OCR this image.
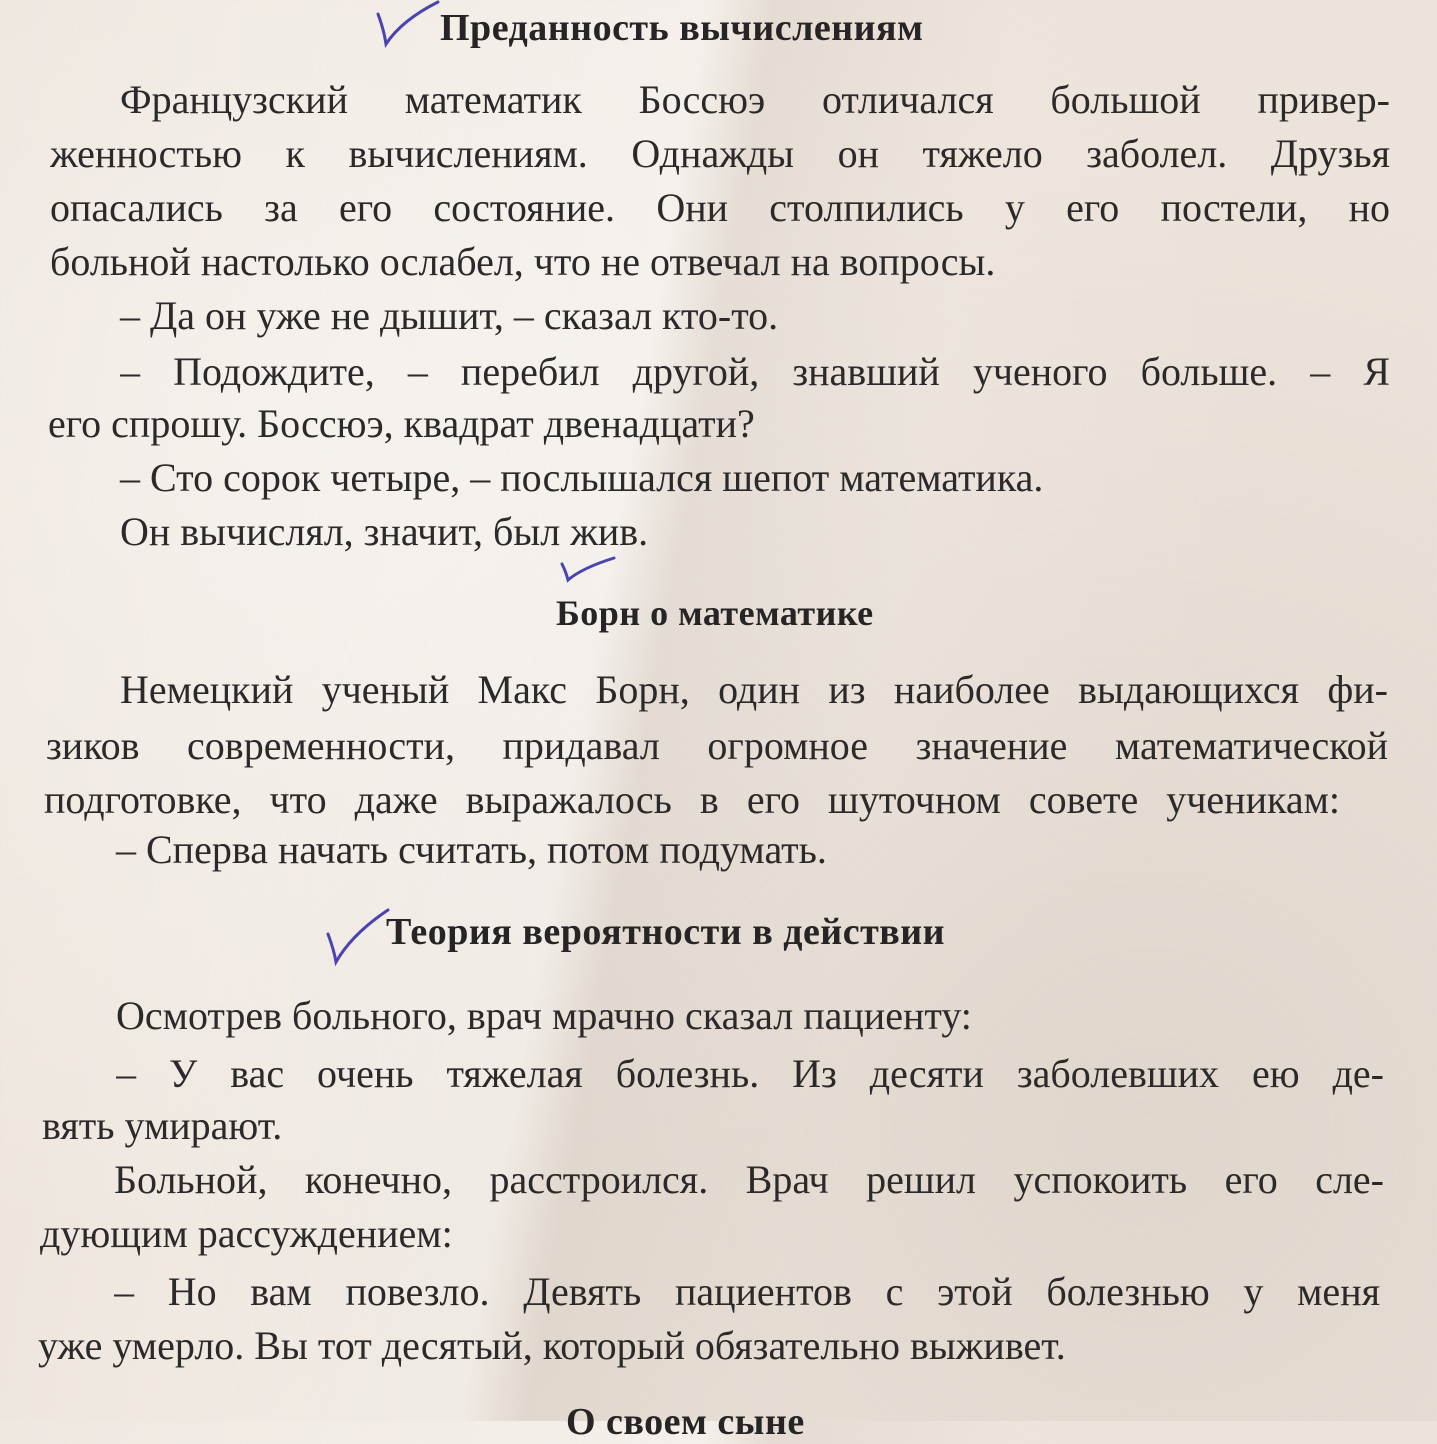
Преданность вычислениям
Французский математик Боссюэ отличался большой привер-
женностью к вычислениям. Однажды он тяжело заболел. Друзья
опасались за его состояние. Они столпились у его постели, но
больной настолько ослабел, что не отвечал на вопросы.
– Да он уже не дышит, – сказал кто-то.
– Подождите, – перебил другой, знавший ученого больше. – Я
его спрошу. Боссюэ, квадрат двенадцати?
– Сто сорок четыре, – послышался шепот математика.
Он вычислял, значит, был жив.
Борн о математике
Немецкий ученый Макс Борн, один из наиболее выдающихся фи-
зиков современности, придавал огромное значение математической
подготовке, что даже выражалось в его шуточном совете ученикам:
– Сперва начать считать, потом подумать.
Теория вероятности в действии
Осмотрев больного, врач мрачно сказал пациенту:
– У вас очень тяжелая болезнь. Из десяти заболевших ею де-
вять умирают.
Больной, конечно, расстроился. Врач решил успокоить его сле-
дующим рассуждением:
– Но вам повезло. Девять пациентов с этой болезнью у меня
уже умерло. Вы тот десятый, который обязательно выживет.
О своем сыне
